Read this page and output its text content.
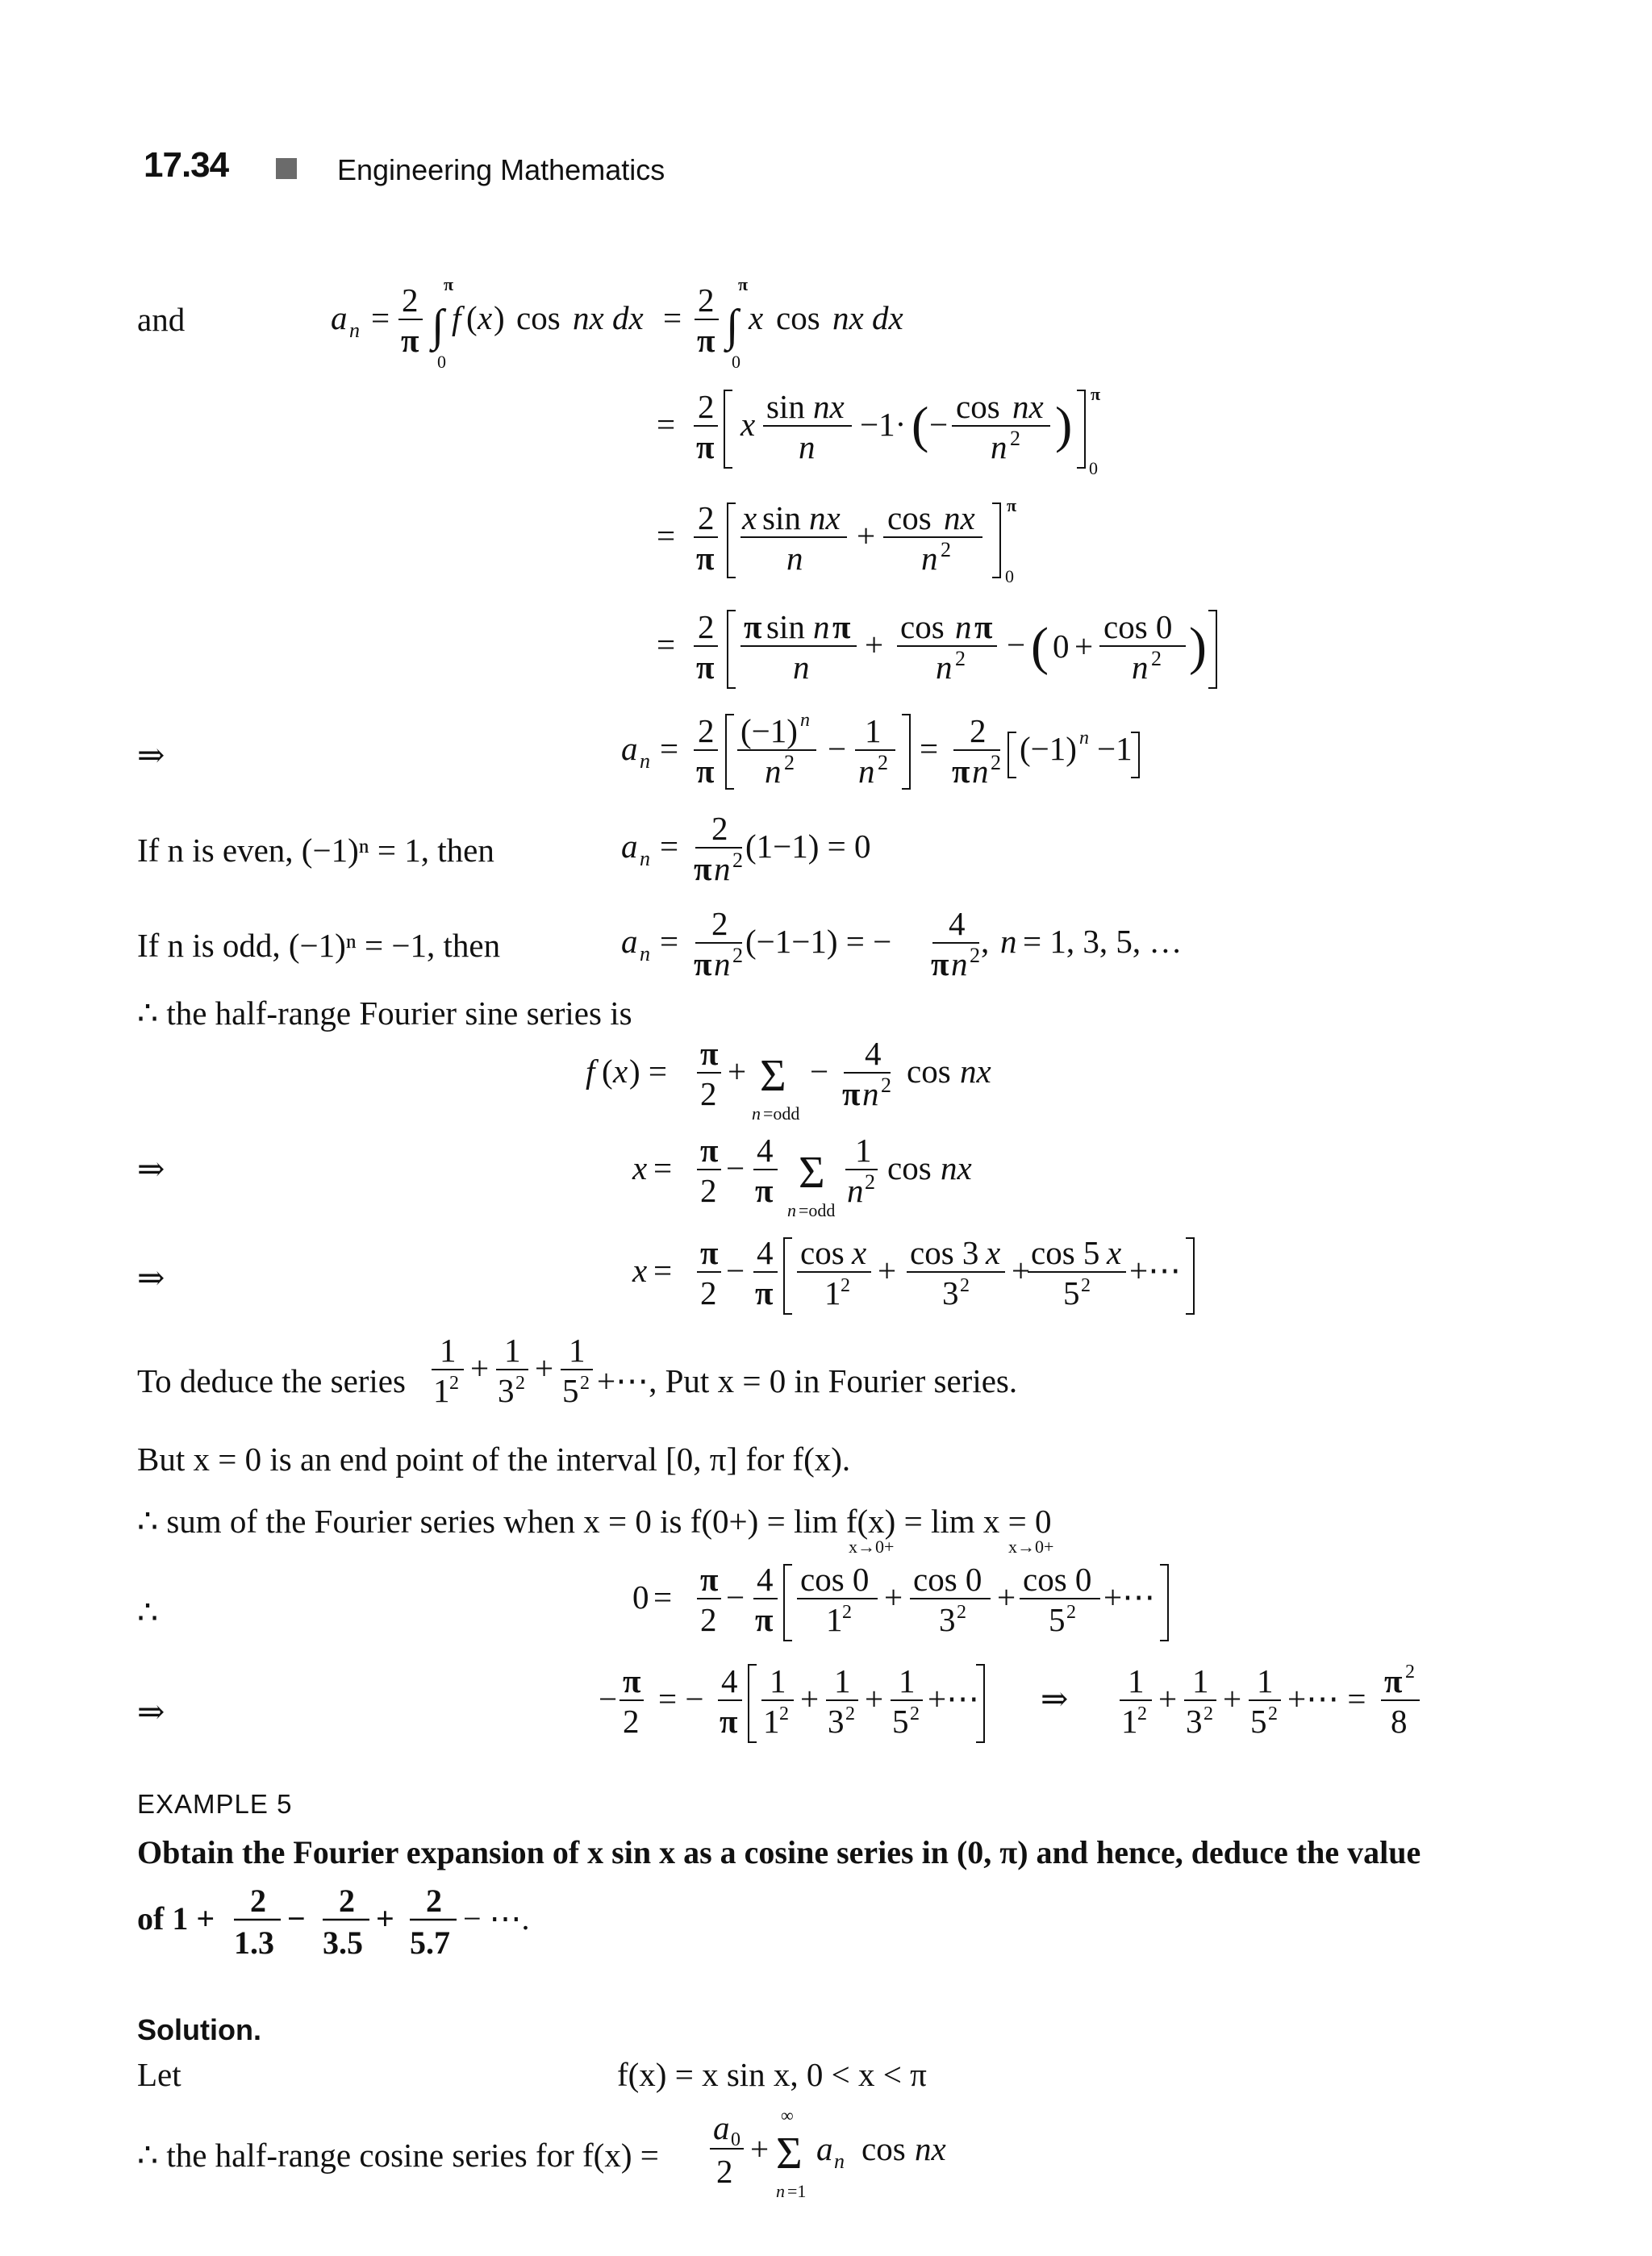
17.34	Engineering Mathematics
and	a n = 2
π ∫
π
0
f ( x ) cos nx dx = 2
π ∫
π
0
x cos nx dx
= 2
π
x sin nx
n
−1· ( − cos nx
n 2 )
π
0
= 2
π
x sin nx
n
+ cos nx
n 2
π
0
= 2
π
π sin n π
n
+ cos n π
n 2 − ( 0 +
cos 0
n 2 )
⇒	a n = 2
π
(−1) n
n 2 − 1
n 2 = 2
π n 2 (−1) n −1
If n is even, (−1)ⁿ = 1, then	a n = 2
π n 2 (1−1) = 0
If n is odd, (−1)ⁿ = −1, then	a n = 2
π n 2 (−1−1) = − 4
π n 2 , n = 1, 3, 5, …
∴ the half-range Fourier sine series is
f ( x ) = π
2
+ Σ
n =odd
− 4
π n 2 cos nx
⇒	x = π
2
− 4
π Σ
n =odd
1
n 2 cos nx
⇒	x = π
2
− 4
π
cos x
1 2 + cos 3 x
3 2 + cos 5 x
5 2 +⋯
To deduce the series
1
1 2 + 1
3 2 + 1
5 2 +⋯, Put x = 0 in Fourier series.
But x = 0 is an end point of the interval [0, π] for f(x).
∴ sum of the Fourier series when x = 0 is f(0+) = lim f(x) = lim x = 0
x→0+	x→0+
∴	0 = π
2
− 4
π
cos 0
1 2 + cos 0
3 2 + cos 0
5 2 +⋯
⇒	− π
2
= − 4
π
1
1 2 + 1
3 2 + 1
5 2 +⋯ ⇒ 1
1 2 + 1
3 2 + 1
5 2 +⋯ = π 2
8
EXAMPLE 5
Obtain the Fourier expansion of x sin x as a cosine series in (0, π) and hence, deduce the value
of 1 + 2
1.3
− 2
3.5
+ 2
5.7
− ⋯.
Solution.
Let	f(x) = x sin x, 0 < x < π
∴ the half-range cosine series for f(x) =
a 0
2
+
∞
Σ
n =1
a n cos nx
